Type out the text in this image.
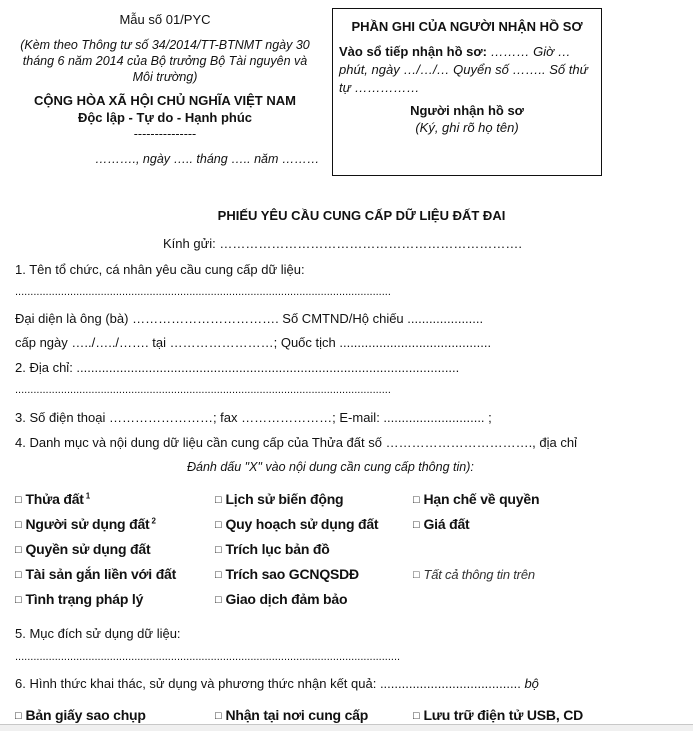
Mẫu số 01/PYC
(Kèm theo Thông tư số 34/2014/TT-BTNMT ngày 30
tháng 6 năm 2014 của Bộ trưởng Bộ Tài nguyên và
Môi trường)
CỘNG HÒA XÃ HỘI CHỦ NGHĨA VIỆT NAM
Độc lập - Tự do - Hạnh phúc
---------------
………., ngày ….. tháng ….. năm ………
PHẦN GHI CỦA NGƯỜI NHẬN HỒ SƠ
Vào sổ tiếp nhận hồ sơ: ……… Giờ …
phút, ngày …/…/… Quyển số …….. Số thứ
tự ……………
Người nhận hồ sơ
(Ký, ghi rõ họ tên)
PHIẾU YÊU CẦU CUNG CẤP DỮ LIỆU ĐẤT ĐAI
Kính gửi: …………………………………………………………….
1. Tên tổ chức, cá nhân yêu cầu cung cấp dữ liệu:
...........................................................................................................................
Đại diện là ông (bà) ……………………………. Số CMTND/Hộ chiếu .....................
cấp ngày …../…../……. tại ……………………; Quốc tịch ..........................................
2. Địa chỉ: ..........................................................................................................
...........................................................................................................................
3. Số điện thoại ……………………; fax …………………; E-mail: ............................ ;
4. Danh mục và nội dung dữ liệu cần cung cấp của Thửa đất số ……………………………., địa chỉ
Đánh dấu "X" vào nội dung cần cung cấp thông tin):
□ Thửa đất $^1$	□ Lịch sử biến động	□ Hạn chế về quyền
□ Người sử dụng đất $^2$	□ Quy hoạch sử dụng đất	□ Giá đất
□ Quyền sử dụng đất	□ Trích lục bản đồ
□ Tài sản gắn liền với đất	□ Trích sao GCNQSDĐ	□ Tất cả thông tin trên
□ Tình trạng pháp lý	□ Giao dịch đảm bảo
5. Mục đích sử dụng dữ liệu:
..............................................................................................................................
6. Hình thức khai thác, sử dụng và phương thức nhận kết quả: ....................................... bộ
□ Bản giấy sao chụp	□ Nhận tại nơi cung cấp	□ Lưu trữ điện tử USB, CD
